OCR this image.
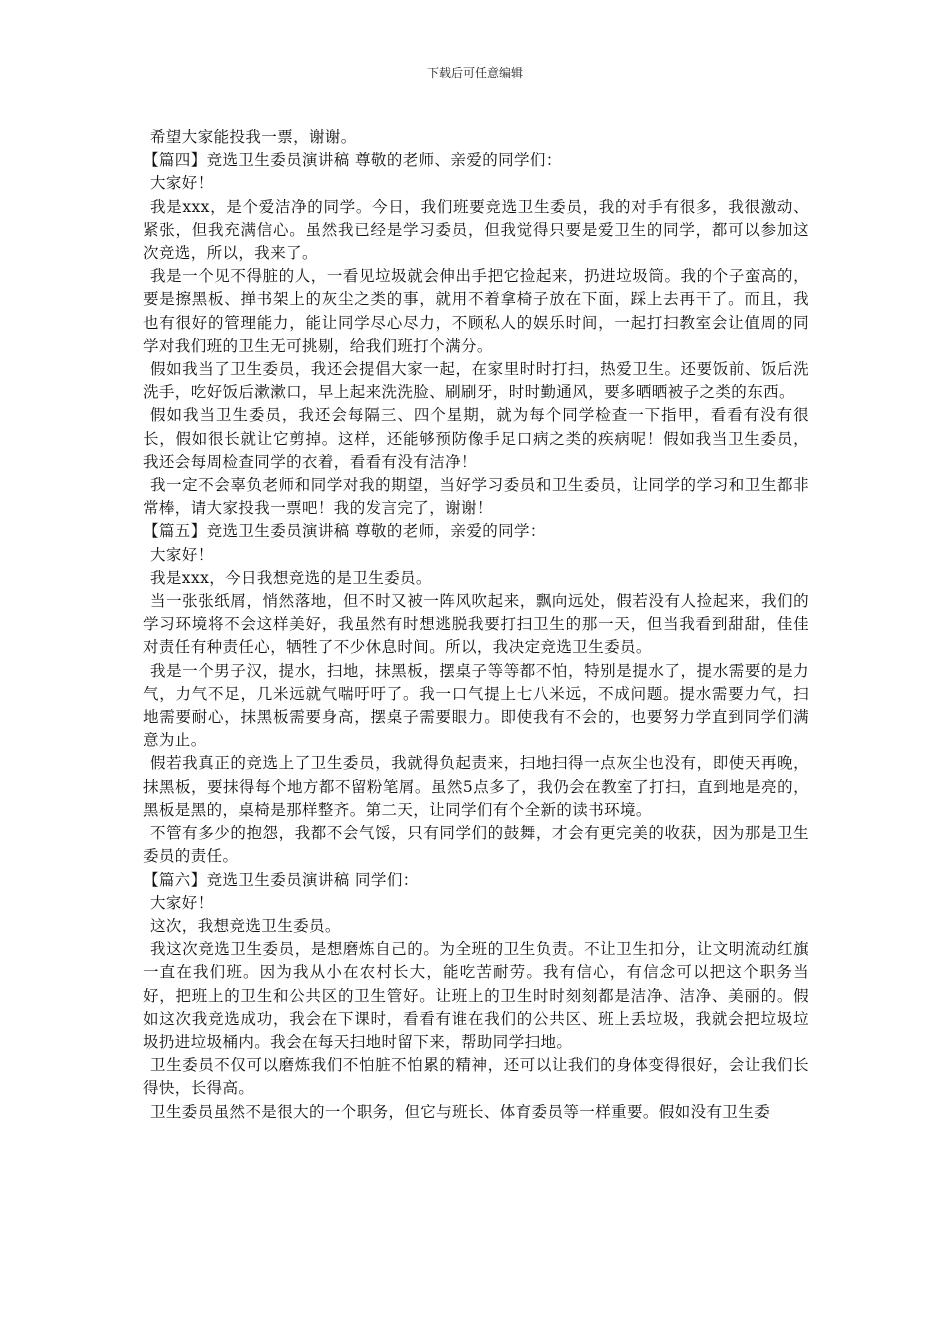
下载后可任意编辑

希望大家能投我一票，谢谢。

【篇四】竞选卫生委员演讲稿 尊敬的老师、亲爱的同学们：

大家好！

我是xxx，是个爱洁净的同学。今日，我们班要竞选卫生委员，我的对手有很多，我很激动、紧张，但我充满信心。虽然我已经是学习委员，但我觉得只要是爱卫生的同学，都可以参加这次竞选，所以，我来了。

我是一个见不得脏的人，一看见垃圾就会伸出手把它捡起来，扔进垃圾筒。我的个子蛮高的，要是擦黑板、掸书架上的灰尘之类的事，就用不着拿椅子放在下面，踩上去再干了。而且，我也有很好的管理能力，能让同学尽心尽力，不顾私人的娱乐时间，一起打扫教室会让值周的同学对我们班的卫生无可挑剔，给我们班打个满分。

假如我当了卫生委员，我还会提倡大家一起，在家里时时打扫，热爱卫生。还要饭前、饭后洗洗手，吃好饭后漱漱口，早上起来洗洗脸、刷刷牙，时时勤通风，要多晒晒被子之类的东西。

假如我当卫生委员，我还会每隔三、四个星期，就为每个同学检查一下指甲，看看有没有很长，假如很长就让它剪掉。这样，还能够预防像手足口病之类的疾病呢！假如我当卫生委员，我还会每周检查同学的衣着，看看有没有洁净！

我一定不会辜负老师和同学对我的期望，当好学习委员和卫生委员，让同学的学习和卫生都非常棒，请大家投我一票吧！我的发言完了，谢谢！

【篇五】竞选卫生委员演讲稿 尊敬的老师，亲爱的同学：

大家好！

我是xxx，今日我想竞选的是卫生委员。

当一张张纸屑，悄然落地，但不时又被一阵风吹起来，飘向远处，假若没有人捡起来，我们的学习环境将不会这样美好，我虽然有时想逃脱我要打扫卫生的那一天，但当我看到甜甜，佳佳对责任有种责任心，牺牲了不少休息时间。所以，我决定竞选卫生委员。

我是一个男子汉，提水，扫地，抹黑板，摆桌子等等都不怕，特别是提水了，提水需要的是力气，力气不足，几米远就气喘吁吁了。我一口气提上七八米远，不成问题。提水需要力气，扫地需要耐心，抹黑板需要身高，摆桌子需要眼力。即使我有不会的，也要努力学直到同学们满意为止。

假若我真正的竞选上了卫生委员，我就得负起责来，扫地扫得一点灰尘也没有，即使天再晚，抹黑板，要抹得每个地方都不留粉笔屑。虽然5点多了，我仍会在教室了打扫，直到地是亮的，黑板是黑的，桌椅是那样整齐。第二天，让同学们有个全新的读书环境。

不管有多少的抱怨，我都不会气馁，只有同学们的鼓舞，才会有更完美的收获，因为那是卫生委员的责任。

【篇六】竞选卫生委员演讲稿 同学们：

大家好！

这次，我想竞选卫生委员。

我这次竞选卫生委员，是想磨炼自己的。为全班的卫生负责。不让卫生扣分，让文明流动红旗一直在我们班。因为我从小在农村长大，能吃苦耐劳。我有信心，有信念可以把这个职务当好，把班上的卫生和公共区的卫生管好。让班上的卫生时时刻刻都是洁净、洁净、美丽的。假如这次我竞选成功，我会在下课时，看看有谁在我们的公共区、班上丢垃圾，我就会把垃圾垃圾扔进垃圾桶内。我会在每天扫地时留下来，帮助同学扫地。

卫生委员不仅可以磨炼我们不怕脏不怕累的精神，还可以让我们的身体变得很好，会让我们长得快，长得高。

卫生委员虽然不是很大的一个职务，但它与班长、体育委员等一样重要。假如没有卫生委
